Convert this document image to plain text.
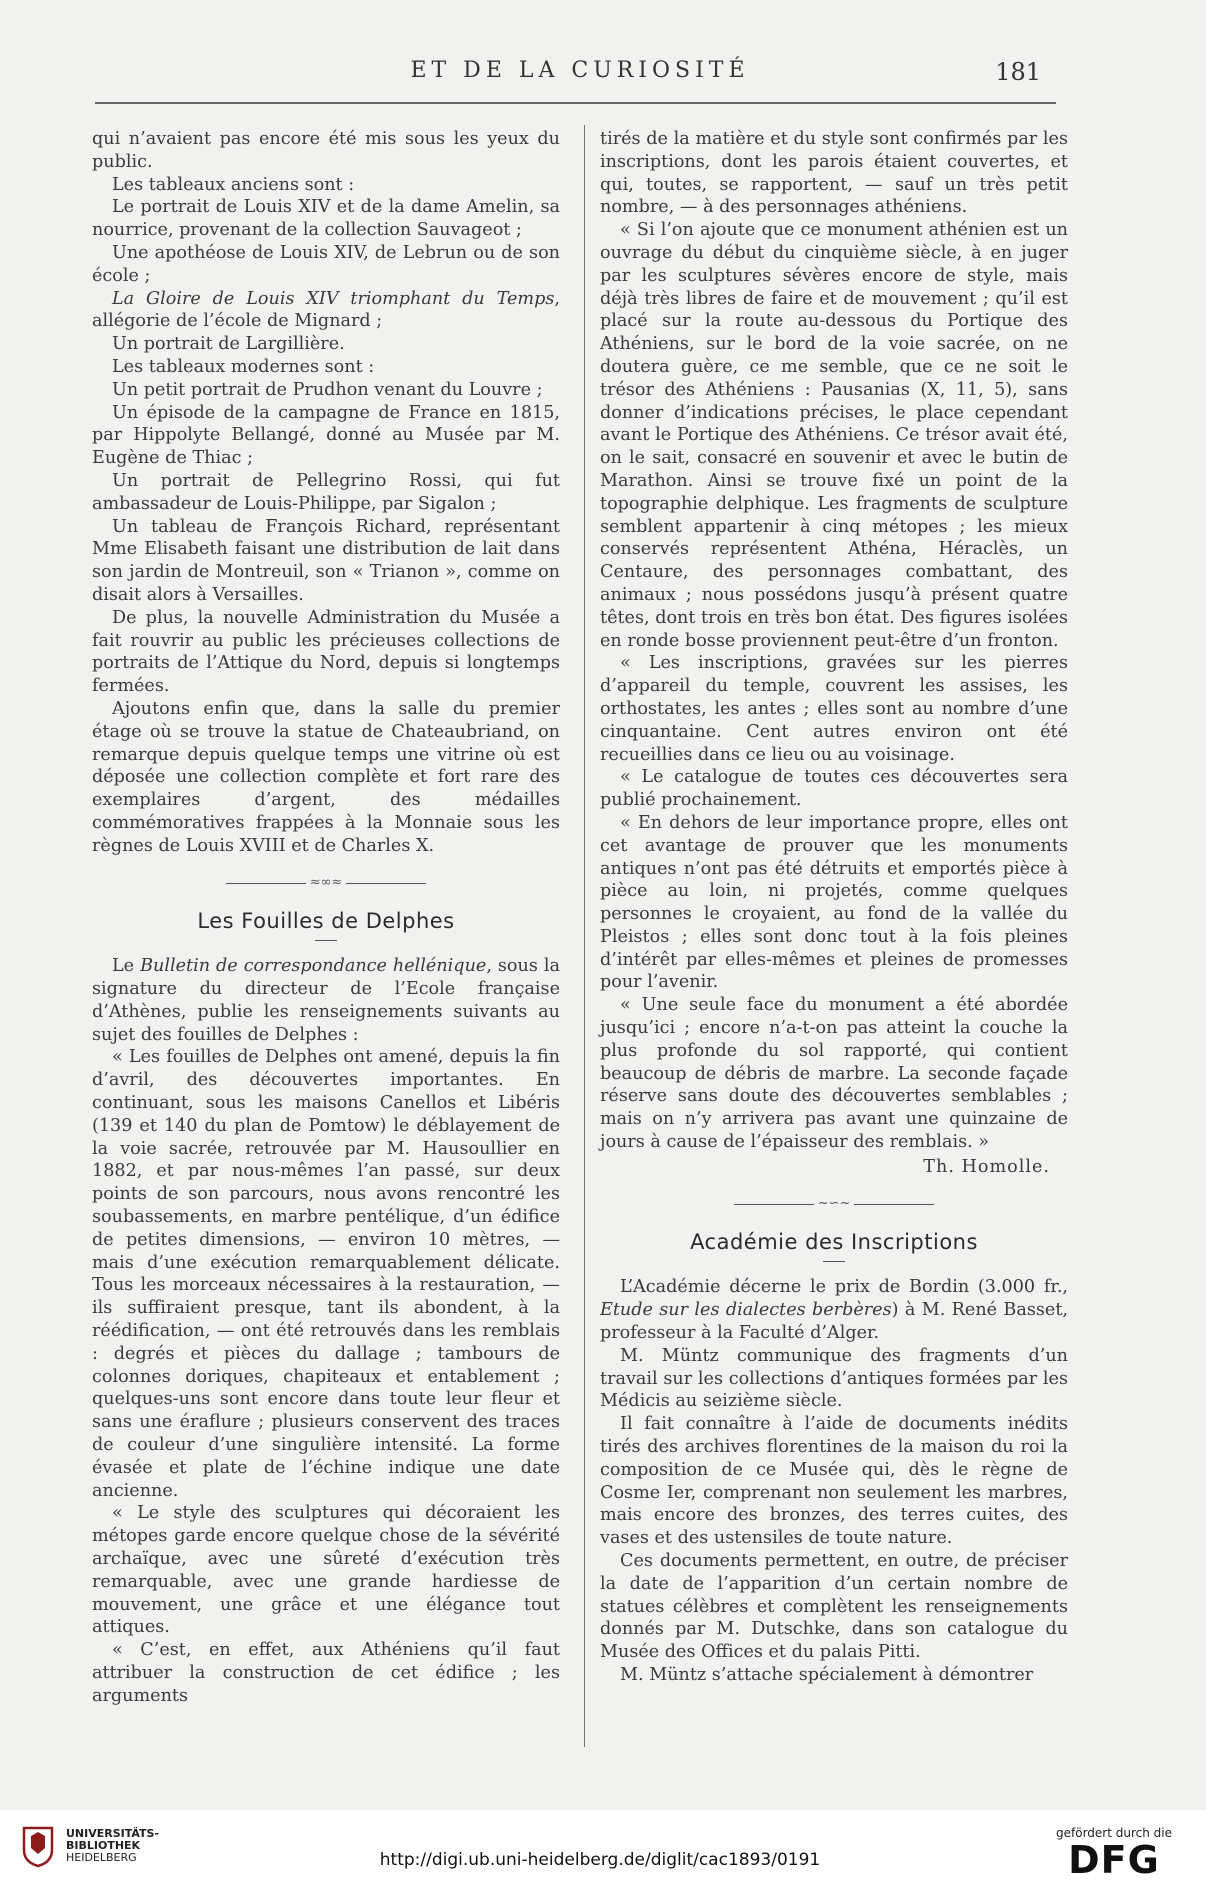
ET DE LA CURIOSITÉ	181

qui n’avaient pas encore été mis sous les yeux du public.

Les tableaux anciens sont :

Le portrait de Louis XIV et de la dame Amelin, sa nourrice, provenant de la collection Sauvageot ;

Une apothéose de Louis XIV, de Lebrun ou de son école ;

La Gloire de Louis XIV triomphant du Temps, allégorie de l’école de Mignard ;

Un portrait de Largillière.

Les tableaux modernes sont :

Un petit portrait de Prudhon venant du Louvre ;

Un épisode de la campagne de France en 1815, par Hippolyte Bellangé, donné au Musée par M. Eugène de Thiac ;

Un portrait de Pellegrino Rossi, qui fut ambassadeur de Louis-Philippe, par Sigalon ;

Un tableau de François Richard, représentant Mme Elisabeth faisant une distribution de lait dans son jardin de Montreuil, son « Trianon », comme on disait alors à Versailles.

De plus, la nouvelle Administration du Musée a fait rouvrir au public les précieuses collections de portraits de l’Attique du Nord, depuis si longtemps fermées.

Ajoutons enfin que, dans la salle du premier étage où se trouve la statue de Chateaubriand, on remarque depuis quelque temps une vitrine où est déposée une collection complète et fort rare des exemplaires d’argent, des médailles commémoratives frappées à la Monnaie sous les règnes de Louis XVIII et de Charles X.

≈∞≈
Les Fouilles de Delphes

Le Bulletin de correspondance hellénique, sous la signature du directeur de l’Ecole française d’Athènes, publie les renseignements suivants au sujet des fouilles de Delphes :

« Les fouilles de Delphes ont amené, depuis la fin d’avril, des découvertes importantes. En continuant, sous les maisons Canellos et Libéris (139 et 140 du plan de Pomtow) le déblayement de la voie sacrée, retrouvée par M. Hausoullier en 1882, et par nous-mêmes l’an passé, sur deux points de son parcours, nous avons rencontré les soubassements, en marbre pentélique, d’un édifice de petites dimensions, — environ 10 mètres, — mais d’une exécution remarquablement délicate. Tous les morceaux nécessaires à la restauration, —ils suffiraient presque, tant ils abondent, à la réédification, — ont été retrouvés dans les remblais : degrés et pièces du dallage ; tambours de colonnes doriques, chapiteaux et entablement ; quelques-uns sont encore dans toute leur fleur et sans une éraflure ; plusieurs conservent des traces de couleur d’une singulière intensité. La forme évasée et plate de l’échine indique une date ancienne.

« Le style des sculptures qui décoraient les métopes garde encore quelque chose de la sévérité archaïque, avec une sûreté d’exécution très remarquable, avec une grande hardiesse de mouvement, une grâce et une élégance tout attiques.

« C’est, en effet, aux Athéniens qu’il faut attribuer la construction de cet édifice ; les arguments

tirés de la matière et du style sont confirmés par les inscriptions, dont les parois étaient couvertes, et qui, toutes, se rapportent, — sauf un très petit nombre, — à des personnages athéniens.

« Si l’on ajoute que ce monument athénien est un ouvrage du début du cinquième siècle, à en juger par les sculptures sévères encore de style, mais déjà très libres de faire et de mouvement ; qu’il est placé sur la route au-dessous du Portique des Athéniens, sur le bord de la voie sacrée, on ne doutera guère, ce me semble, que ce ne soit le trésor des Athéniens : Pausanias (X, 11, 5), sans donner d’indications précises, le place cependant avant le Portique des Athéniens. Ce trésor avait été, on le sait, consacré en souvenir et avec le butin de Marathon. Ainsi se trouve fixé un point de la topographie delphique. Les fragments de sculpture semblent appartenir à cinq métopes ; les mieux conservés représentent Athéna, Héraclès, un Centaure, des personnages combattant, des animaux ; nous possédons jusqu’à présent quatre têtes, dont trois en très bon état. Des figures isolées en ronde bosse proviennent peut-être d’un fronton.

« Les inscriptions, gravées sur les pierres d’appareil du temple, couvrent les assises, les orthostates, les antes ; elles sont au nombre d’une cinquantaine. Cent autres environ ont été recueillies dans ce lieu ou au voisinage.

« Le catalogue de toutes ces découvertes sera publié prochainement.

« En dehors de leur importance propre, elles ont cet avantage de prouver que les monuments antiques n’ont pas été détruits et emportés pièce à pièce au loin, ni projetés, comme quelques personnes le croyaient, au fond de la vallée du Pleistos ; elles sont donc tout à la fois pleines d’intérêt par elles-mêmes et pleines de promesses pour l’avenir.

« Une seule face du monument a été abordée jusqu’ici ; encore n’a-t-on pas atteint la couche la plus profonde du sol rapporté, qui contient beaucoup de débris de marbre. La seconde façade réserve sans doute des découvertes semblables ; mais on n’y arrivera pas avant une quinzaine de jours à cause de l’épaisseur des remblais. »

Th. Homolle.

~∽~
Académie des Inscriptions

L’Académie décerne le prix de Bordin (3.000 fr., Etude sur les dialectes berbères) à M. René Basset, professeur à la Faculté d’Alger.

M. Müntz communique des fragments d’un travail sur les collections d’antiques formées par les Médicis au seizième siècle.

Il fait connaître à l’aide de documents inédits tirés des archives florentines de la maison du roi la composition de ce Musée qui, dès le règne de Cosme Ier, comprenant non seulement les marbres, mais encore des bronzes, des terres cuites, des vases et des ustensiles de toute nature.

Ces documents permettent, en outre, de préciser la date de l’apparition d’un certain nombre de statues célèbres et complètent les renseignements donnés par M. Dutschke, dans son catalogue du Musée des Offices et du palais Pitti.

M. Müntz s’attache spécialement à démontrer

UNIVERSITÄTS-
BIBLIOTHEK
HEIDELBERG	http://digi.ub.uni-heidelberg.de/diglit/cac1893/0191
gefördert durch die
DFG
